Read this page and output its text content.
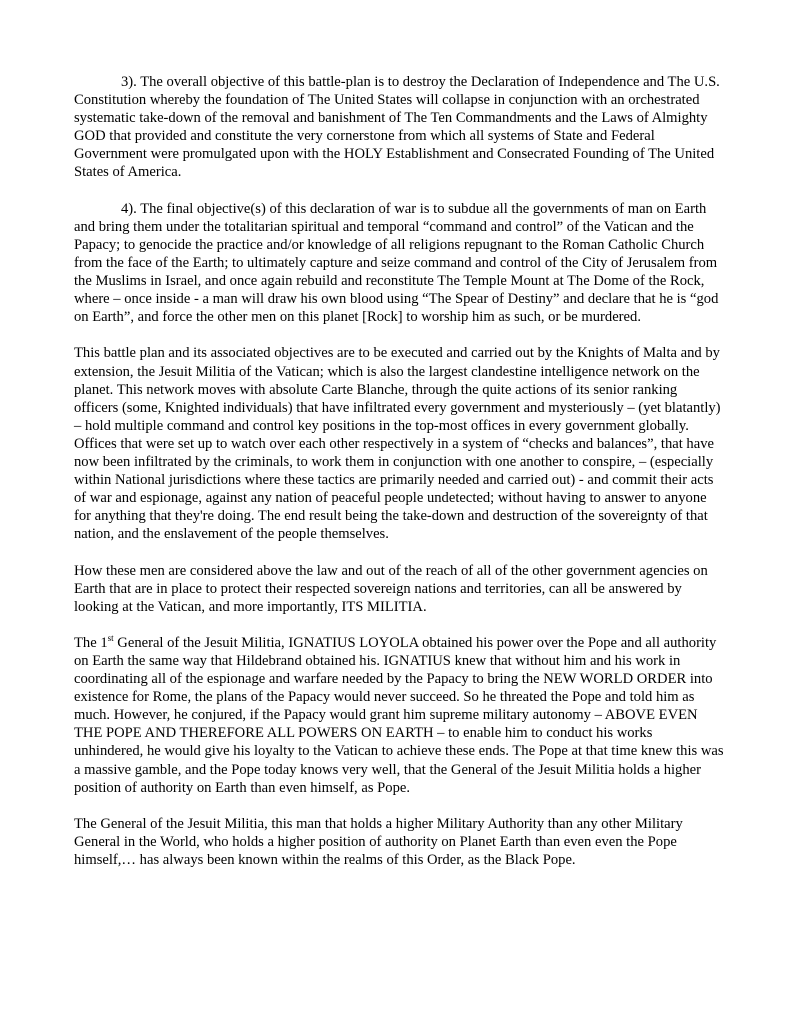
3). The overall objective of this battle-plan is to destroy the Declaration of Independence and The U.S. Constitution whereby the foundation of The United States will collapse in conjunction with an orchestrated systematic take-down of the removal and banishment of The Ten Commandments and the Laws of Almighty GOD that provided and constitute the very cornerstone from which all systems of State and Federal Government were promulgated upon with the HOLY Establishment and Consecrated Founding of The United States of America.

4). The final objective(s) of this declaration of war is to subdue all the governments of man on Earth and bring them under the totalitarian spiritual and temporal “command and control” of the Vatican and the Papacy; to genocide the practice and/or knowledge of all religions repugnant to the Roman Catholic Church from the face of the Earth; to ultimately capture and seize command and control of the City of Jerusalem from the Muslims in Israel, and once again rebuild and reconstitute The Temple Mount at The Dome of the Rock, where – once inside - a man will draw his own blood using “The Spear of Destiny” and declare that he is “god on Earth”, and force the other men on this planet [Rock] to worship him as such, or be murdered.

This battle plan and its associated objectives are to be executed and carried out by the Knights of Malta and by extension, the Jesuit Militia of the Vatican; which is also the largest clandestine intelligence network on the planet. This network moves with absolute Carte Blanche, through the quite actions of its senior ranking officers (some, Knighted individuals) that have infiltrated every government and mysteriously – (yet blatantly) – hold multiple command and control key positions in the top-most offices in every government globally. Offices that were set up to watch over each other respectively in a system of “checks and balances”, that have now been infiltrated by the criminals, to work them in conjunction with one another to conspire, – (especially within National jurisdictions where these tactics are primarily needed and carried out) - and commit their acts of war and espionage, against any nation of peaceful people undetected; without having to answer to anyone for anything that they're doing. The end result being the take-down and destruction of the sovereignty of that nation, and the enslavement of the people themselves.

How these men are considered above the law and out of the reach of all of the other government agencies on Earth that are in place to protect their respected sovereign nations and territories, can all be answered by looking at the Vatican, and more importantly, ITS MILITIA.

The 1st General of the Jesuit Militia, IGNATIUS LOYOLA obtained his power over the Pope and all authority on Earth the same way that Hildebrand obtained his. IGNATIUS knew that without him and his work in coordinating all of the espionage and warfare needed by the Papacy to bring the NEW WORLD ORDER into existence for Rome, the plans of the Papacy would never succeed. So he threated the Pope and told him as much. However, he conjured, if the Papacy would grant him supreme military autonomy – ABOVE EVEN THE POPE AND THEREFORE ALL POWERS ON EARTH – to enable him to conduct his works unhindered, he would give his loyalty to the Vatican to achieve these ends. The Pope at that time knew this was a massive gamble, and the Pope today knows very well, that the General of the Jesuit Militia holds a higher position of authority on Earth than even himself, as Pope.

The General of the Jesuit Militia, this man that holds a higher Military Authority than any other Military General in the World, who holds a higher position of authority on Planet Earth than even even the Pope himself,… has always been known within the realms of this Order, as the Black Pope.
